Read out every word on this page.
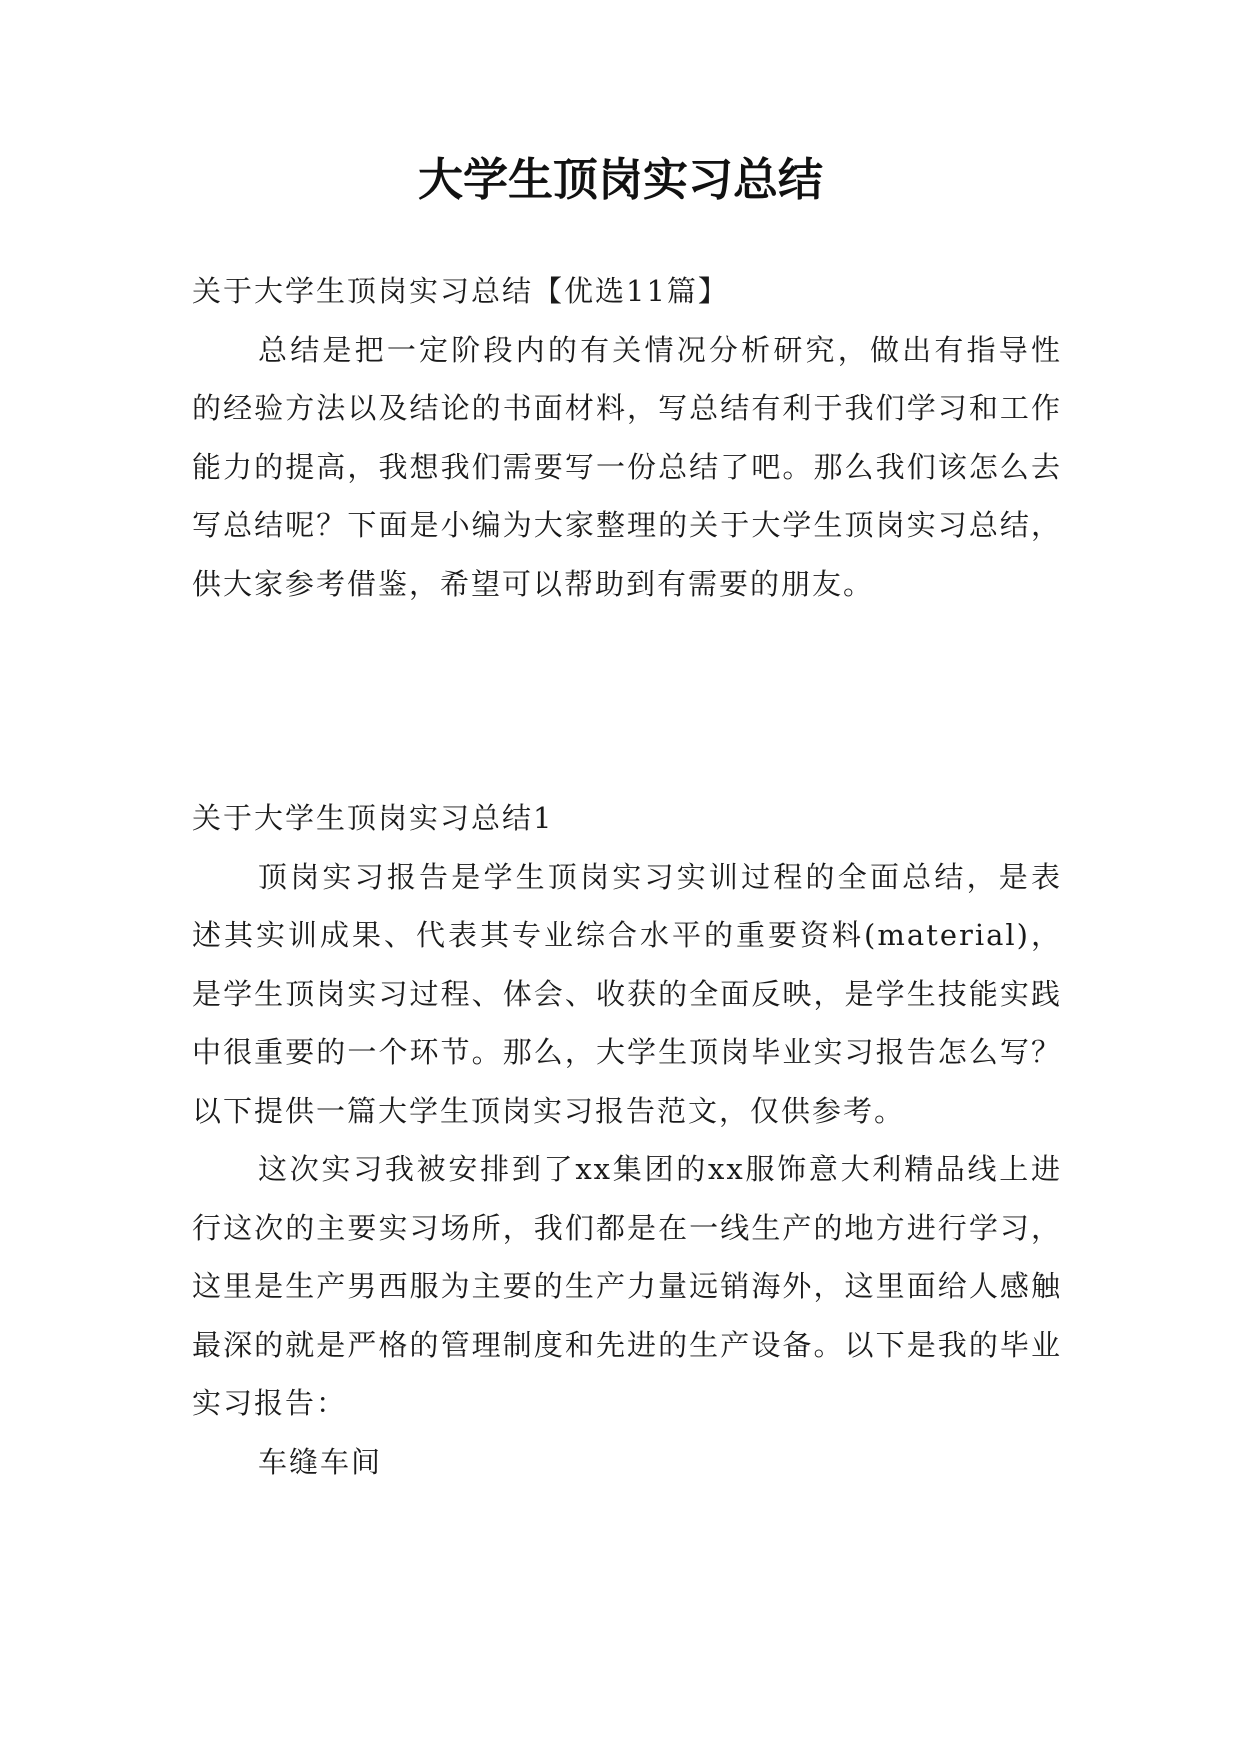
大学生顶岗实习总结

关于大学生顶岗实习总结【优选11篇】

总结是把一定阶段内的有关情况分析研究，做出有指导性的经验方法以及结论的书面材料，写总结有利于我们学习和工作能力的提高，我想我们需要写一份总结了吧。那么我们该怎么去写总结呢？下面是小编为大家整理的关于大学生顶岗实习总结，供大家参考借鉴，希望可以帮助到有需要的朋友。

关于大学生顶岗实习总结1

顶岗实习报告是学生顶岗实习实训过程的全面总结，是表述其实训成果、代表其专业综合水平的重要资料(material)，是学生顶岗实习过程、体会、收获的全面反映，是学生技能实践中很重要的一个环节。那么，大学生顶岗毕业实习报告怎么写？以下提供一篇大学生顶岗实习报告范文，仅供参考。

这次实习我被安排到了xx集团的xx服饰意大利精品线上进行这次的主要实习场所，我们都是在一线生产的地方进行学习，这里是生产男西服为主要的生产力量远销海外，这里面给人感触最深的就是严格的管理制度和先进的生产设备。以下是我的毕业实习报告：

车缝车间
